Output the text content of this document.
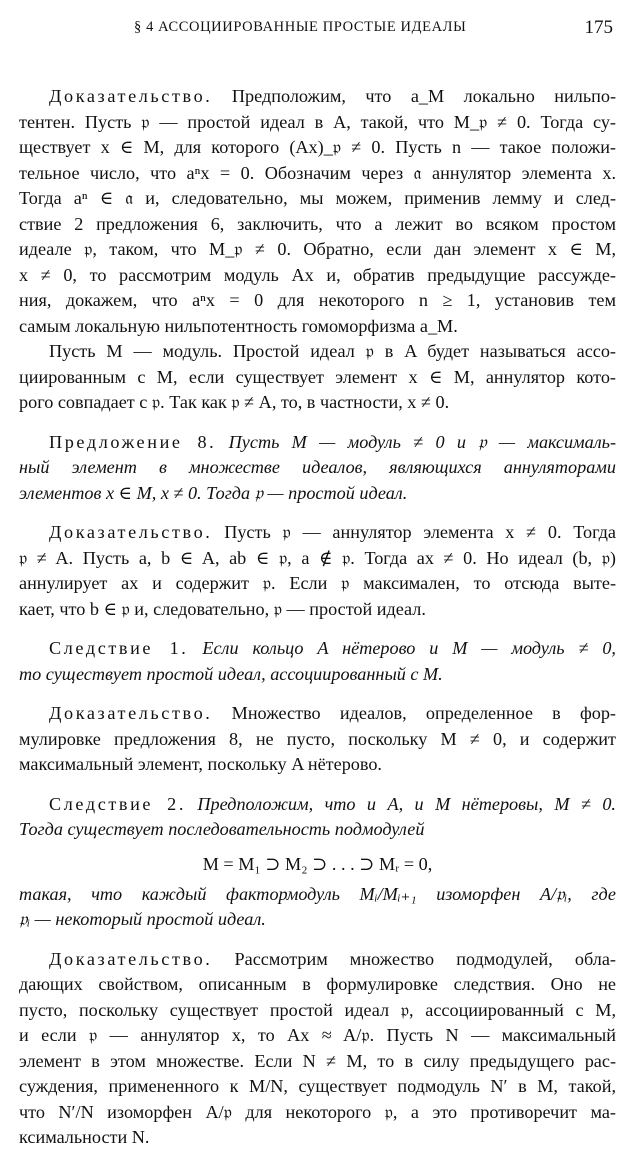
§ 4 АССОЦИИРОВАННЫЕ ПРОСТЫЕ ИДЕАЛЫ	175
Доказательство. Предположим, что a_M локально нильпо-
тентен. Пусть 𝔭 — простой идеал в A, такой, что M_𝔭 ≠ 0. Тогда су-
ществует x ∈ M, для которого (Ax)_𝔭 ≠ 0. Пусть n — такое положи-
тельное число, что aⁿx = 0. Обозначим через 𝔞 аннулятор элемента x.
Тогда aⁿ ∈ 𝔞 и, следовательно, мы можем, применив лемму и след-
ствие 2 предложения 6, заключить, что a лежит во всяком простом
идеале 𝔭, таком, что M_𝔭 ≠ 0. Обратно, если дан элемент x ∈ M,
x ≠ 0, то рассмотрим модуль Ax и, обратив предыдущие рассужде-
ния, докажем, что aⁿx = 0 для некоторого n ≥ 1, установив тем
самым локальную нильпотентность гомоморфизма a_M.
Пусть M — модуль. Простой идеал 𝔭 в A будет называться ассо-
циированным с M, если существует элемент x ∈ M, аннулятор кото-
рого совпадает с 𝔭. Так как 𝔭 ≠ A, то, в частности, x ≠ 0.
Предложение 8. Пусть M — модуль ≠ 0 и 𝔭 — максималь-
ный элемент в множестве идеалов, являющихся аннуляторами
элементов x ∈ M, x ≠ 0. Тогда 𝔭 — простой идеал.
Доказательство. Пусть 𝔭 — аннулятор элемента x ≠ 0. Тогда
𝔭 ≠ A. Пусть a, b ∈ A, ab ∈ 𝔭, a ∉ 𝔭. Тогда ax ≠ 0. Но идеал (b, 𝔭)
аннулирует ax и содержит 𝔭. Если 𝔭 максимален, то отсюда выте-
кает, что b ∈ 𝔭 и, следовательно, 𝔭 — простой идеал.
Следствие 1. Если кольцо A нётерово и M — модуль ≠ 0,
то существует простой идеал, ассоциированный с M.
Доказательство. Множество идеалов, определенное в фор-
мулировке предложения 8, не пусто, поскольку M ≠ 0, и содержит
максимальный элемент, поскольку A нётерово.
Следствие 2. Предположим, что и A, и M нётеровы, M ≠ 0.
Тогда существует последовательность подмодулей
M = M₁ ⊃ M₂ ⊃ . . . ⊃ Mᵣ = 0,
такая, что каждый фактормодуль Mᵢ/Mᵢ₊₁ изоморфен A/𝔭ᵢ, где
𝔭ᵢ — некоторый простой идеал.
Доказательство. Рассмотрим множество подмодулей, обла-
дающих свойством, описанным в формулировке следствия. Оно не
пусто, поскольку существует простой идеал 𝔭, ассоциированный с M,
и если 𝔭 — аннулятор x, то Ax ≈ A/𝔭. Пусть N — максимальный
элемент в этом множестве. Если N ≠ M, то в силу предыдущего рас-
суждения, примененного к M/N, существует подмодуль N′ в M, такой,
что N′/N изоморфен A/𝔭 для некоторого 𝔭, а это противоречит ма-
ксимальности N.
